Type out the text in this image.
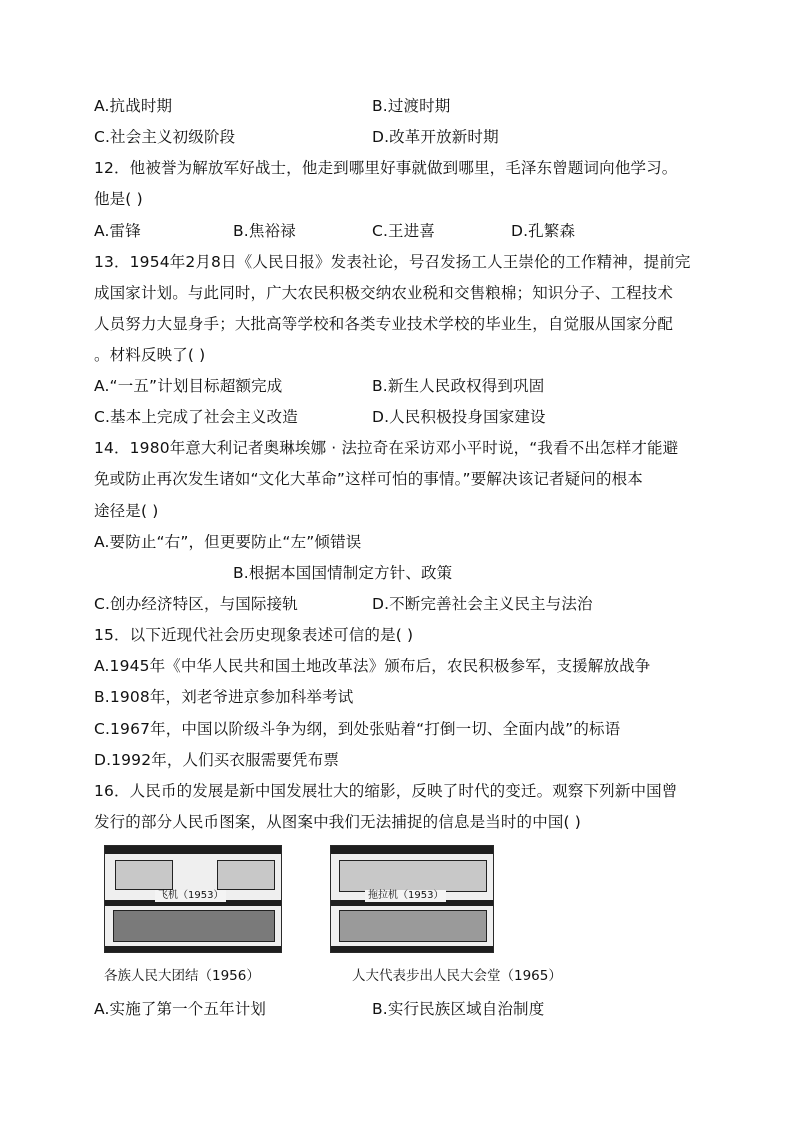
A.抗战时期	B.过渡时期
C.社会主义初级阶段	D.改革开放新时期
12．他被誉为解放军好战士，他走到哪里好事就做到哪里，毛泽东曾题词向他学习。
他是( )
A.雷锋	B.焦裕禄	C.王进喜	D.孔繁森
13．1954年2月8日《人民日报》发表社论，号召发扬工人王崇伦的工作精神，提前完
成国家计划。与此同时，广大农民积极交纳农业税和交售粮棉；知识分子、工程技术
人员努力大显身手；大批高等学校和各类专业技术学校的毕业生，自觉服从国家分配
。材料反映了( )
A.“一五”计划目标超额完成	B.新生人民政权得到巩固
C.基本上完成了社会主义改造	D.人民积极投身国家建设
14．1980年意大利记者奥琳埃娜 · 法拉奇在采访邓小平时说，“我看不出怎样才能避
免或防止再次发生诸如“文化大革命”这样可怕的事情。”要解决该记者疑问的根本
途径是( )
A.要防止“右”，但更要防止“左”倾错误
B.根据本国国情制定方针、政策
C.创办经济特区，与国际接轨	D.不断完善社会主义民主与法治
15．以下近现代社会历史现象表述可信的是( )
A.1945年《中华人民共和国土地改革法》颁布后，农民积极参军，支援解放战争
B.1908年，刘老爷进京参加科举考试
C.1967年，中国以阶级斗争为纲，到处张贴着“打倒一切、全面内战”的标语
D.1992年，人们买衣服需要凭布票
16．人民币的发展是新中国发展壮大的缩影，反映了时代的变迁。观察下列新中国曾
发行的部分人民币图案，从图案中我们无法捕捉的信息是当时的中国( )
飞机（1953）	拖拉机（1953）
各族人民大团结（1956）	人大代表步出人民大会堂（1965）
A.实施了第一个五年计划	B.实行民族区域自治制度
